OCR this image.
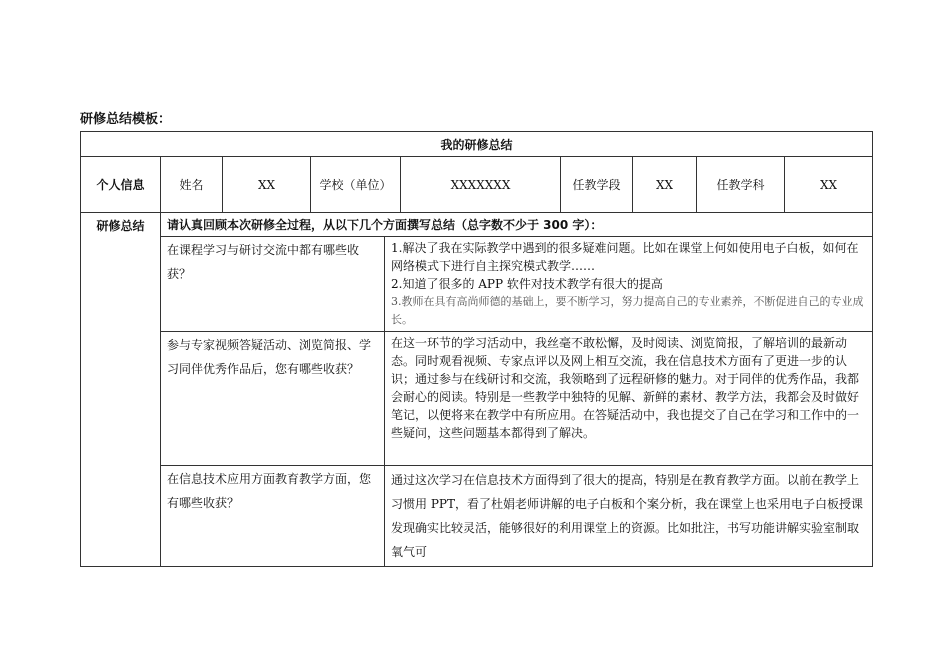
研修总结模板：
我的研修总结									
个人信息	姓名	XX	学校（单位）		XXXXXXX	任教学段	XX	任教学科	XX
研修总结	请认真回顾本次研修全过程，从以下几个方面撰写总结（总字数不少于 300 字）：								
	在课程学习与研讨交流中都有哪些收获？			1.解决了我在实际教学中遇到的很多疑难问题。比如在课堂上何如使用电子白板，如何在网络模式下进行自主探究模式教学……

2.知道了很多的 APP 软件对技术教学有很大的提高

3.教师在具有高尚师德的基础上，要不断学习，努力提高自己的专业素养，不断促进自己的专业成长。					

	参与专家视频答疑活动、浏览简报、学习同伴优秀作品后，您有哪些收获？			在这一环节的学习活动中，我丝毫不敢松懈，及时阅读、浏览简报，了解培训的最新动态。同时观看视频、专家点评以及网上相互交流，我在信息技术方面有了更进一步的认识；通过参与在线研讨和交流，我领略到了远程研修的魅力。对于同伴的优秀作品，我都会耐心的阅读。特别是一些教学中独特的见解、新鲜的素材、教学方法，我都会及时做好笔记，以便将来在教学中有所应用。在答疑活动中，我也提交了自己在学习和工作中的一些疑问，这些问题基本都得到了解决。					
	在信息技术应用方面教育教学方面，您有哪些收获？			通过这次学习在信息技术方面得到了很大的提高，特别是在教育教学方面。以前在教学上习惯用 PPT，看了杜娟老师讲解的电子白板和个案分析，我在课堂上也采用电子白板授课发现确实比较灵活，能够很好的利用课堂上的资源。比如批注，书写功能讲解实验室制取氧气可					
